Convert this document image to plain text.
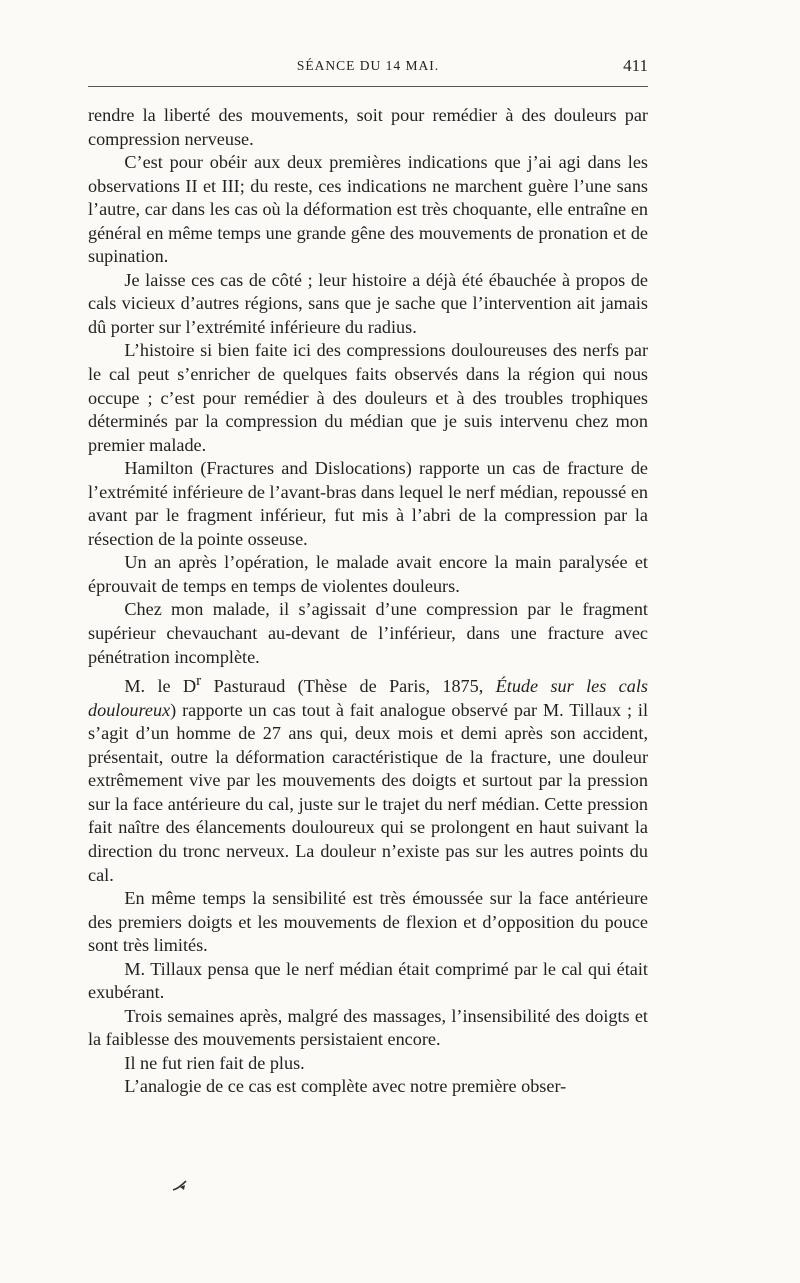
SÉANCE DU 14 MAI.	411

rendre la liberté des mouvements, soit pour remédier à des douleurs par compression nerveuse.

C’est pour obéir aux deux premières indications que j’ai agi dans les observations II et III; du reste, ces indications ne marchent guère l’une sans l’autre, car dans les cas où la déformation est très choquante, elle entraîne en général en même temps une grande gêne des mouvements de pronation et de supination.

Je laisse ces cas de côté ; leur histoire a déjà été ébauchée à propos de cals vicieux d’autres régions, sans que je sache que l’intervention ait jamais dû porter sur l’extrémité inférieure du radius.

L’histoire si bien faite ici des compressions douloureuses des nerfs par le cal peut s’enricher de quelques faits observés dans la région qui nous occupe ; c’est pour remédier à des douleurs et à des troubles trophiques déterminés par la compression du médian que je suis intervenu chez mon premier malade.

Hamilton (Fractures and Dislocations) rapporte un cas de fracture de l’extrémité inférieure de l’avant-bras dans lequel le nerf médian, repoussé en avant par le fragment inférieur, fut mis à l’abri de la compression par la résection de la pointe osseuse.

Un an après l’opération, le malade avait encore la main paralysée et éprouvait de temps en temps de violentes douleurs.

Chez mon malade, il s’agissait d’une compression par le fragment supérieur chevauchant au-devant de l’inférieur, dans une fracture avec pénétration incomplète.

M. le $D^r$ Pasturaud (Thèse de Paris, 1875, Étude sur les cals douloureux) rapporte un cas tout à fait analogue observé par M. Tillaux ; il s’agit d’un homme de 27 ans qui, deux mois et demi après son accident, présentait, outre la déformation caractéristique de la fracture, une douleur extrêmement vive par les mouvements des doigts et surtout par la pression sur la face antérieure du cal, juste sur le trajet du nerf médian. Cette pression fait naître des élancements douloureux qui se prolongent en haut suivant la direction du tronc nerveux. La douleur n’existe pas sur les autres points du cal.

En même temps la sensibilité est très émoussée sur la face antérieure des premiers doigts et les mouvements de flexion et d’opposition du pouce sont très limités.

M. Tillaux pensa que le nerf médian était comprimé par le cal qui était exubérant.

Trois semaines après, malgré des massages, l’insensibilité des doigts et la faiblesse des mouvements persistaient encore.

Il ne fut rien fait de plus.

L’analogie de ce cas est complète avec notre première obser-
